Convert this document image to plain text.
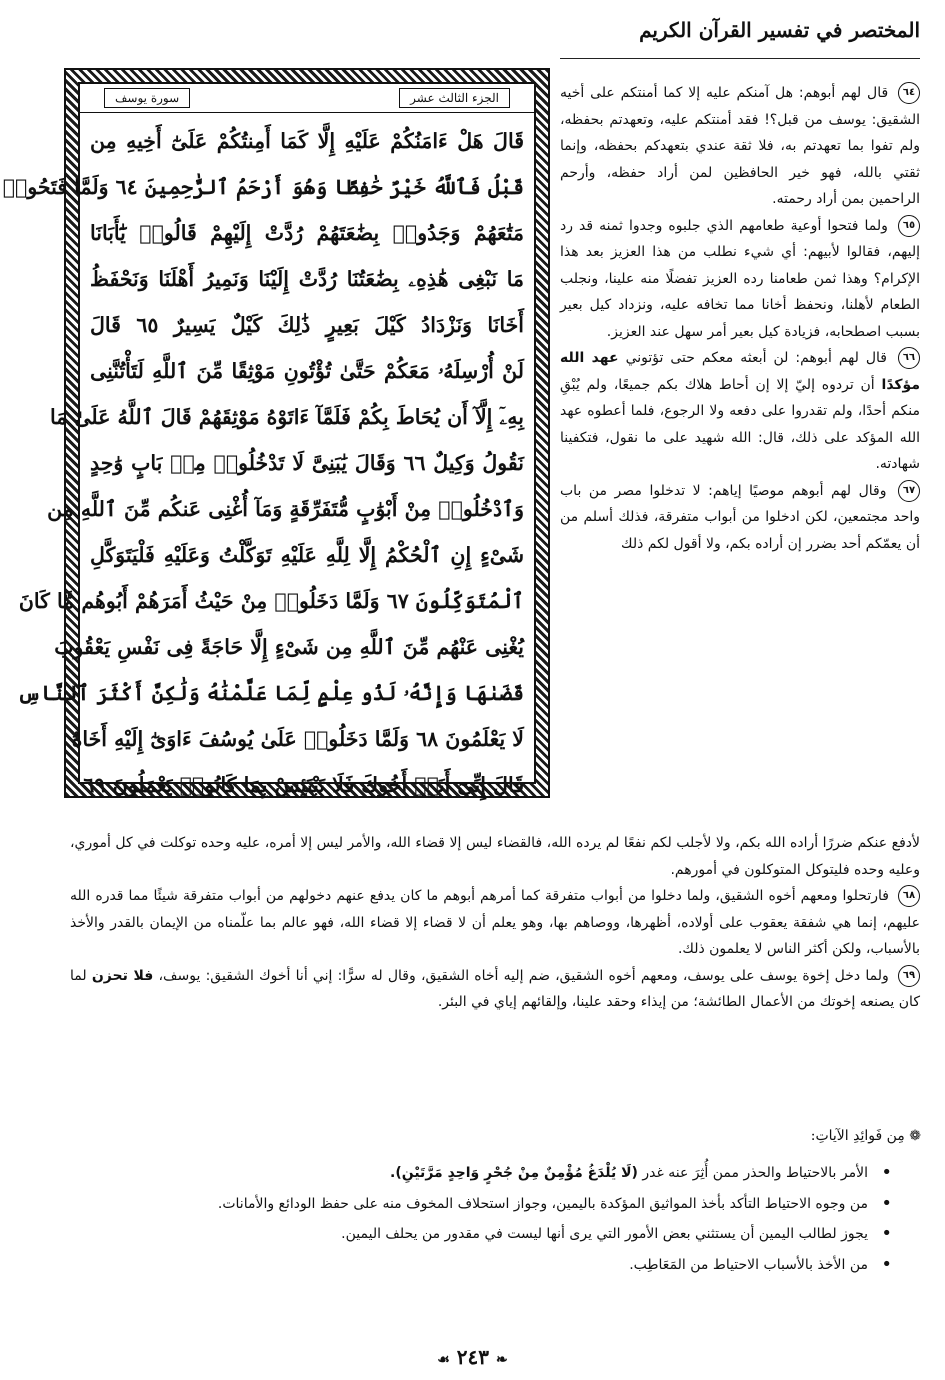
المختصر في تفسير القرآن الكريم
الجزء الثالث عشر
سورة يوسف
قَالَ هَلْ ءَامَنُكُمْ عَلَيْهِ إِلَّا كَمَا أَمِنتُكُمْ عَلَىٰٓ أَخِيهِ مِن
قَبْلُ فَٱللَّهُ خَيْرٌ حَٰفِظًا وَهُوَ أَرْحَمُ ٱلرَّٰحِمِينَ ٦٤ وَلَمَّا فَتَحُوا۟
مَتَٰعَهُمْ وَجَدُوا۟ بِضَٰعَتَهُمْ رُدَّتْ إِلَيْهِمْ قَالُوا۟ يَٰٓأَبَانَا
مَا نَبْغِى هَٰذِهِۦ بِضَٰعَتُنَا رُدَّتْ إِلَيْنَا وَنَمِيرُ أَهْلَنَا وَنَحْفَظُ
أَخَانَا وَنَزْدَادُ كَيْلَ بَعِيرٍ ذَٰلِكَ كَيْلٌ يَسِيرٌ ٦٥ قَالَ
لَنْ أُرْسِلَهُۥ مَعَكُمْ حَتَّىٰ تُؤْتُونِ مَوْثِقًا مِّنَ ٱللَّهِ لَتَأْتُنَّنِى
بِهِۦٓ إِلَّآ أَن يُحَاطَ بِكُمْ فَلَمَّآ ءَاتَوْهُ مَوْثِقَهُمْ قَالَ ٱللَّهُ عَلَىٰ مَا
نَقُولُ وَكِيلٌ ٦٦ وَقَالَ يَٰبَنِىَّ لَا تَدْخُلُوا۟ مِنۢ بَابٍ وَٰحِدٍ
وَٱدْخُلُوا۟ مِنْ أَبْوَٰبٍ مُّتَفَرِّقَةٍ وَمَآ أُغْنِى عَنكُم مِّنَ ٱللَّهِ مِن
شَىْءٍ إِنِ ٱلْحُكْمُ إِلَّا لِلَّهِ عَلَيْهِ تَوَكَّلْتُ وَعَلَيْهِ فَلْيَتَوَكَّلِ
ٱلْمُتَوَكِّلُونَ ٦٧ وَلَمَّا دَخَلُوا۟ مِنْ حَيْثُ أَمَرَهُمْ أَبُوهُم مَّا كَانَ
يُغْنِى عَنْهُم مِّنَ ٱللَّهِ مِن شَىْءٍ إِلَّا حَاجَةً فِى نَفْسِ يَعْقُوبَ
قَضَىٰهَا وَإِنَّهُۥ لَذُو عِلْمٍ لِّمَا عَلَّمْنَٰهُ وَلَٰكِنَّ أَكْثَرَ ٱلنَّاسِ
لَا يَعْلَمُونَ ٦٨ وَلَمَّا دَخَلُوا۟ عَلَىٰ يُوسُفَ ءَاوَىٰٓ إِلَيْهِ أَخَاهُ
قَالَ إِنِّىٓ أَنَا۠ أَخُوكَ فَلَا تَبْتَئِسْ بِمَا كَانُوا۟ يَعْمَلُونَ ٦٩

٦٤ قال لهم أبوهم: هل آمنكم عليه إلا كما أمنتكم على أخيه الشقيق: يوسف من قبل؟! فقد أمنتكم عليه، وتعهدتم بحفظه، ولم تفوا بما تعهدتم به، فلا ثقة عندي بتعهدكم بحفظه، وإنما ثقتي بالله، فهو خير الحافظين لمن أراد حفظه، وأرحم الراحمين بمن أراد رحمته.

٦٥ ولما فتحوا أوعية طعامهم الذي جلبوه وجدوا ثمنه قد رد إليهم، فقالوا لأبيهم: أي شيء نطلب من هذا العزيز بعد هذا الإكرام؟ وهذا ثمن طعامنا رده العزيز تفضلًا منه علينا، ونجلب الطعام لأهلنا، ونحفظ أخانا مما تخافه عليه، ونزداد كيل بعير بسبب اصطحابه، فزيادة كيل بعير أمر سهل عند العزيز.

٦٦ قال لهم أبوهم: لن أبعثه معكم حتى تؤتوني عهد الله مؤكدًا أن تردوه إليّ إلا إن أحاط هلاك بكم جميعًا، ولم يُبْقِ منكم أحدًا، ولم تقدروا على دفعه ولا الرجوع، فلما أعطوه عهد الله المؤكد على ذلك، قال: الله شهيد على ما نقول، فتكفينا شهادته.

٦٧ وقال لهم أبوهم موصيًا إياهم: لا تدخلوا مصر من باب واحد مجتمعين، لكن ادخلوا من أبواب متفرقة، فذلك أسلم من أن يعمّكم أحد بضرر إن أراده بكم، ولا أقول لكم ذلك

لأدفع عنكم ضررًا أراده الله بكم، ولا لأجلب لكم نفعًا لم يرده الله، فالقضاء ليس إلا قضاء الله، والأمر ليس إلا أمره، عليه وحده توكلت في كل أموري، وعليه وحده فليتوكل المتوكلون في أمورهم.

٦٨ فارتحلوا ومعهم أخوه الشقيق، ولما دخلوا من أبواب متفرقة كما أمرهم أبوهم ما كان يدفع عنهم دخولهم من أبواب متفرقة شيئًا مما قدره الله عليهم، إنما هي شفقة يعقوب على أولاده، أظهرها، ووصاهم بها، وهو يعلم أن لا قضاء إلا قضاء الله، فهو عالم بما علّمناه من الإيمان بالقدر والأخذ بالأسباب، ولكن أكثر الناس لا يعلمون ذلك.

٦٩ ولما دخل إخوة يوسف على يوسف، ومعهم أخوه الشقيق، ضم إليه أخاه الشقيق، وقال له سرًّا: إني أنا أخوك الشقيق: يوسف، فلا تحزن لما كان يصنعه إخوتك من الأعمال الطائشة؛ من إيذاء وحقد علينا، وإلقائهم إياي في البئر.

❁ مِن فَوائِدِ الآياتِ:
• الأمر بالاحتياط والحذر ممن أُثِرَ عنه غدر (لَا يُلْدَغُ مُؤْمِنٌ مِنْ جُحْرٍ وَاحِدٍ مَرَّتَيْنِ).
• من وجوه الاحتياط التأكد بأخذ المواثيق المؤكدة باليمين، وجواز استحلاف المخوف منه على حفظ الودائع والأمانات.
• يجوز لطالب اليمين أن يستثني بعض الأمور التي يرى أنها ليست في مقدور من يحلف اليمين.
• من الأخذ بالأسباب الاحتياط من المَعَاطِب.
❧ ٢٤٣ ☙
